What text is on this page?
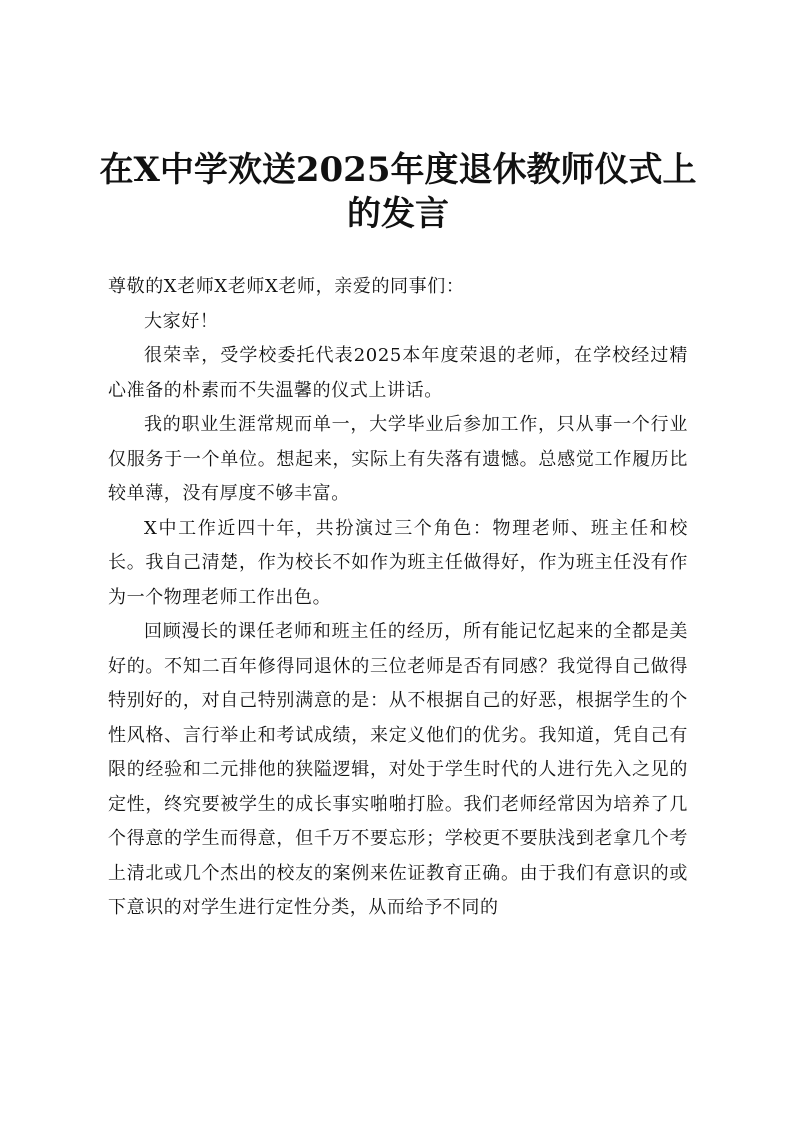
在X中学欢送2025年度退休教师仪式上的发言

尊敬的X老师X老师X老师，亲爱的同事们：

大家好！

很荣幸，受学校委托代表2025本年度荣退的老师，在学校经过精心准备的朴素而不失温馨的仪式上讲话。

我的职业生涯常规而单一，大学毕业后参加工作，只从事一个行业仅服务于一个单位。想起来，实际上有失落有遗憾。总感觉工作履历比较单薄，没有厚度不够丰富。

X中工作近四十年，共扮演过三个角色：物理老师、班主任和校长。我自己清楚，作为校长不如作为班主任做得好，作为班主任没有作为一个物理老师工作出色。

回顾漫长的课任老师和班主任的经历，所有能记忆起来的全都是美好的。不知二百年修得同退休的三位老师是否有同感？我觉得自己做得特别好的，对自己特别满意的是：从不根据自己的好恶，根据学生的个性风格、言行举止和考试成绩，来定义他们的优劣。我知道，凭自己有限的经验和二元排他的狭隘逻辑，对处于学生时代的人进行先入之见的定性，终究要被学生的成长事实啪啪打脸。我们老师经常因为培养了几个得意的学生而得意，但千万不要忘形；学校更不要肤浅到老拿几个考上清北或几个杰出的校友的案例来佐证教育正确。由于我们有意识的或下意识的对学生进行定性分类，从而给予不同的
